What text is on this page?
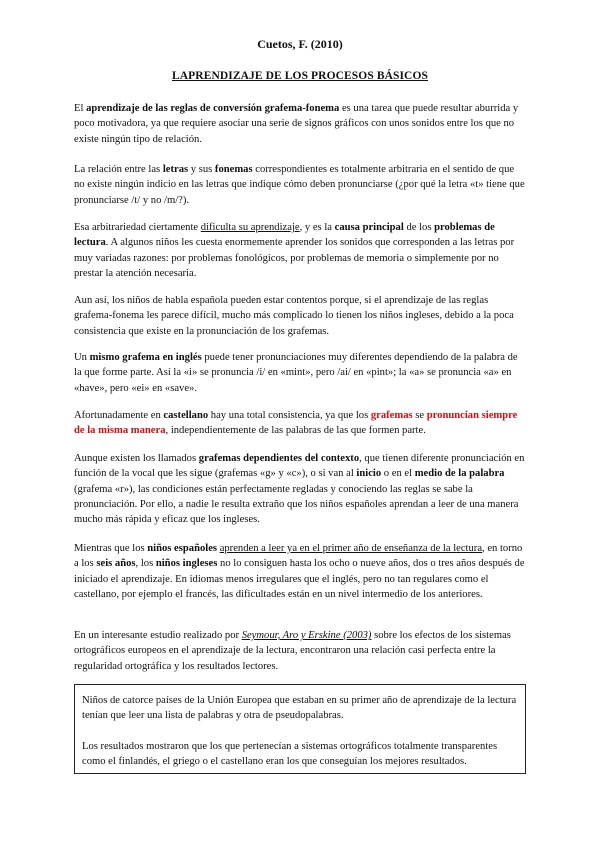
Cuetos, F. (2010)
LAPRENDIZAJE DE LOS PROCESOS BÁSICOS

El aprendizaje de las reglas de conversión grafema-fonema es una tarea que puede resultar aburrida y poco motivadora, ya que requiere asociar una serie de signos gráficos con unos sonidos entre los que no existe ningún tipo de relación.

La relación entre las letras y sus fonemas correspondientes es totalmente arbitraria en el sentido de que no existe ningún indicio en las letras que indique cómo deben pronunciarse (¿por qué la letra «t» tiene que pronunciarse /t/ y no /m/?).

Esa arbitrariedad ciertamente dificulta su aprendizaje, y es la causa principal de los problemas de lectura. A algunos niños les cuesta enormemente aprender los sonidos que corresponden a las letras por muy variadas razones: por problemas fonológicos, por problemas de memoria o simplemente por no prestar la atención necesaria.

Aun así, los niños de habla española pueden estar contentos porque, si el aprendizaje de las reglas grafema-fonema les parece difícil, mucho más complicado lo tienen los niños ingleses, debido a la poca consistencia que existe en la pronunciación de los grafemas.

Un mismo grafema en inglés puede tener pronunciaciones muy diferentes dependiendo de la palabra de la que forme parte. Así la «i» se pronuncia /i/ en «mint», pero /ai/ en «pint»; la «a» se pronuncia «a» en «have», pero «ei» en «save».

Afortunadamente en castellano hay una total consistencia, ya que los grafemas se pronuncian siempre de la misma manera, independientemente de las palabras de las que formen parte.

Aunque existen los llamados grafemas dependientes del contexto, que tienen diferente pronunciación en función de la vocal que les sigue (grafemas «g» y «c»), o si van al inicio o en el medio de la palabra (grafema «r»), las condiciones están perfectamente regladas y conociendo las reglas se sabe la pronunciación. Por ello, a nadie le resulta extraño que los niños españoles aprendan a leer de una manera mucho más rápida y eficaz que los ingleses.

Mientras que los niños españoles aprenden a leer ya en el primer año de enseñanza de la lectura, en torno a los seis años, los niños ingleses no lo consiguen hasta los ocho o nueve años, dos o tres años después de iniciado el aprendizaje. En idiomas menos irregulares que el inglés, pero no tan regulares como el castellano, por ejemplo el francés, las dificultades están en un nivel intermedio de los anteriores.

En un interesante estudio realizado por Seymour, Aro y Erskine (2003) sobre los efectos de los sistemas ortográficos europeos en el aprendizaje de la lectura, encontraron una relación casi perfecta entre la regularidad ortográfica y los resultados lectores.

Niños de catorce países de la Unión Europea que estaban en su primer año de aprendizaje de la lectura tenían que leer una lista de palabras y otra de pseudopalabras.

Los resultados mostraron que los que pertenecían a sistemas ortográficos totalmente transparentes como el finlandés, el griego o el castellano eran los que conseguían los mejores resultados.
